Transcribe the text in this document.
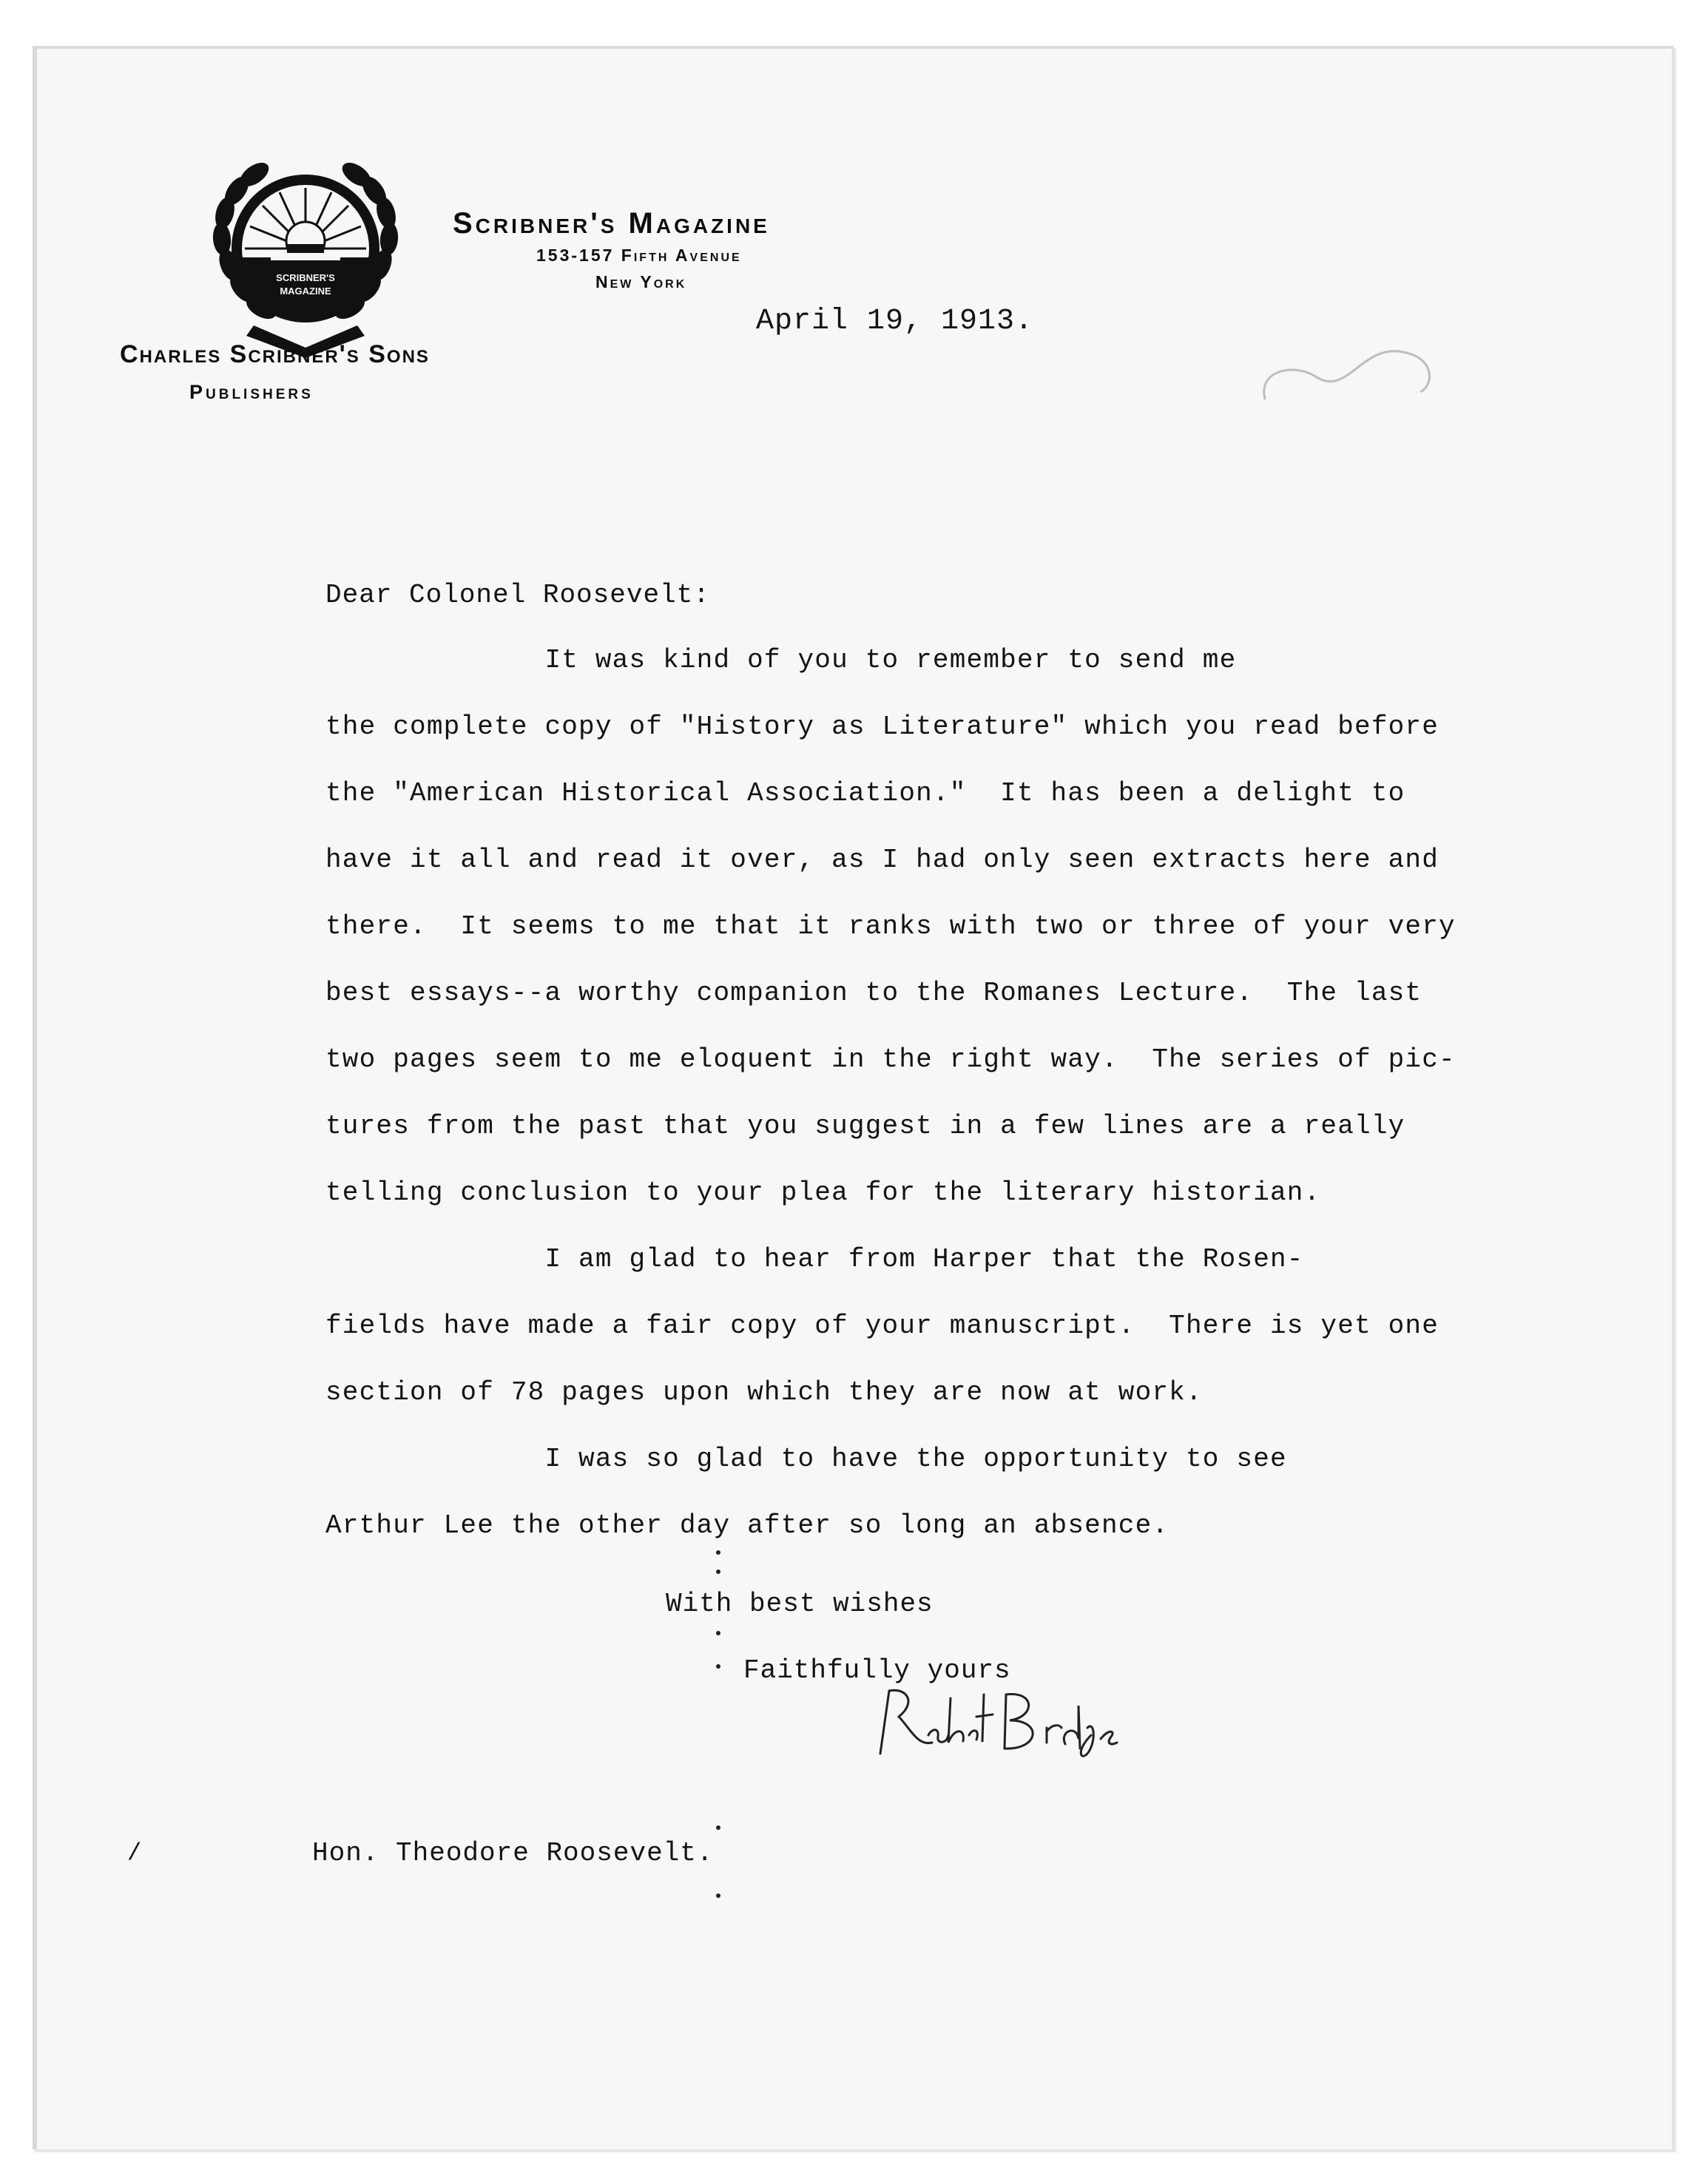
SCRIBNER'S
MAGAZINE
Scribner's Magazine
153-157 Fifth Avenue
New York
Charles Scribner's Sons
Publishers
April 19, 1913.
Dear Colonel Roosevelt:
It was kind of you to remember to send me
the complete copy of "History as Literature" which you read before
the "American Historical Association."  It has been a delight to
have it all and read it over, as I had only seen extracts here and
there.  It seems to me that it ranks with two or three of your very
best essays--a worthy companion to the Romanes Lecture.  The last
two pages seem to me eloquent in the right way.  The series of pic-
tures from the past that you suggest in a few lines are a really
telling conclusion to your plea for the literary historian.
I am glad to hear from Harper that the Rosen-
fields have made a fair copy of your manuscript.  There is yet one
section of 78 pages upon which they are now at work.
I was so glad to have the opportunity to see
Arthur Lee the other day after so long an absence.
With best wishes
Faithfully yours
/	Hon. Theodore Roosevelt.
